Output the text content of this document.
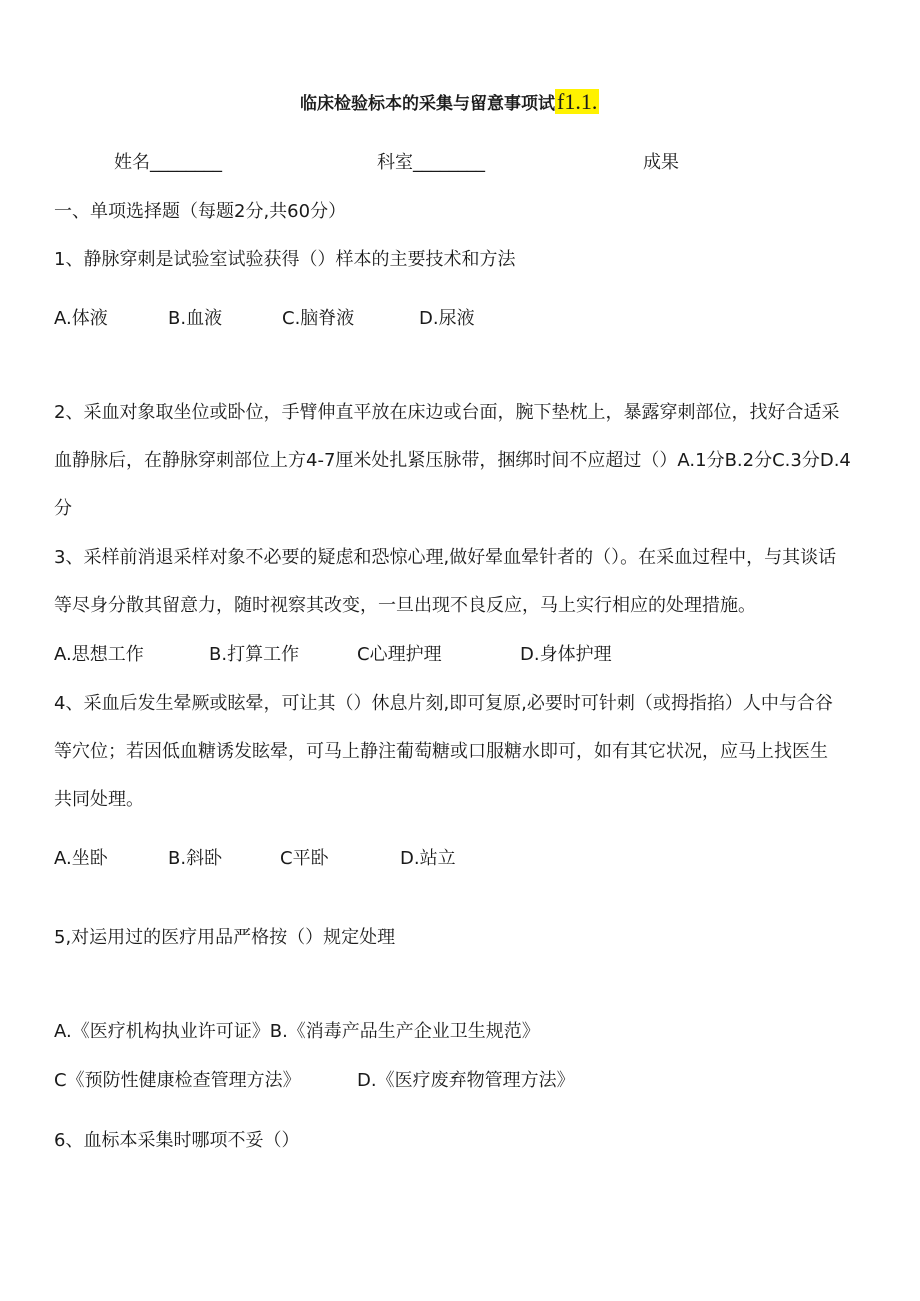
临床检验标本的采集与留意事项试f1.1.
姓名________	科室________	成果
一、单项选择题（每题2分,共60分）
1、静脉穿刺是试验室试验获得（）样本的主要技术和方法
A.体液	B.血液	C.脑脊液	D.尿液
2、采血对象取坐位或卧位，手臂伸直平放在床边或台面，腕下垫枕上，暴露穿刺部位，找好合适采
血静脉后，在静脉穿刺部位上方4-7厘米处扎紧压脉带，捆绑时间不应超过（）A.1分B.2分C.3分D.4
分
3、采样前消退采样对象不必要的疑虑和恐惊心理,做好晕血晕针者的（）。在采血过程中，与其谈话
等尽身分散其留意力，随时视察其改变，一旦出现不良反应，马上实行相应的处理措施。
A.思想工作	B.打算工作	C心理护理	D.身体护理
4、采血后发生晕厥或眩晕，可让其（）休息片刻,即可复原,必要时可针刺（或拇指掐）人中与合谷
等穴位；若因低血糖诱发眩晕，可马上静注葡萄糖或口服糖水即可，如有其它状况，应马上找医生
共同处理。
A.坐卧	B.斜卧	C平卧	D.站立
5,对运用过的医疗用品严格按（）规定处理
A.《医疗机构执业许可证》B.《消毒产品生产企业卫生规范》
C《预防性健康检查管理方法》	D.《医疗废弃物管理方法》
6、血标本采集时哪项不妥（）
